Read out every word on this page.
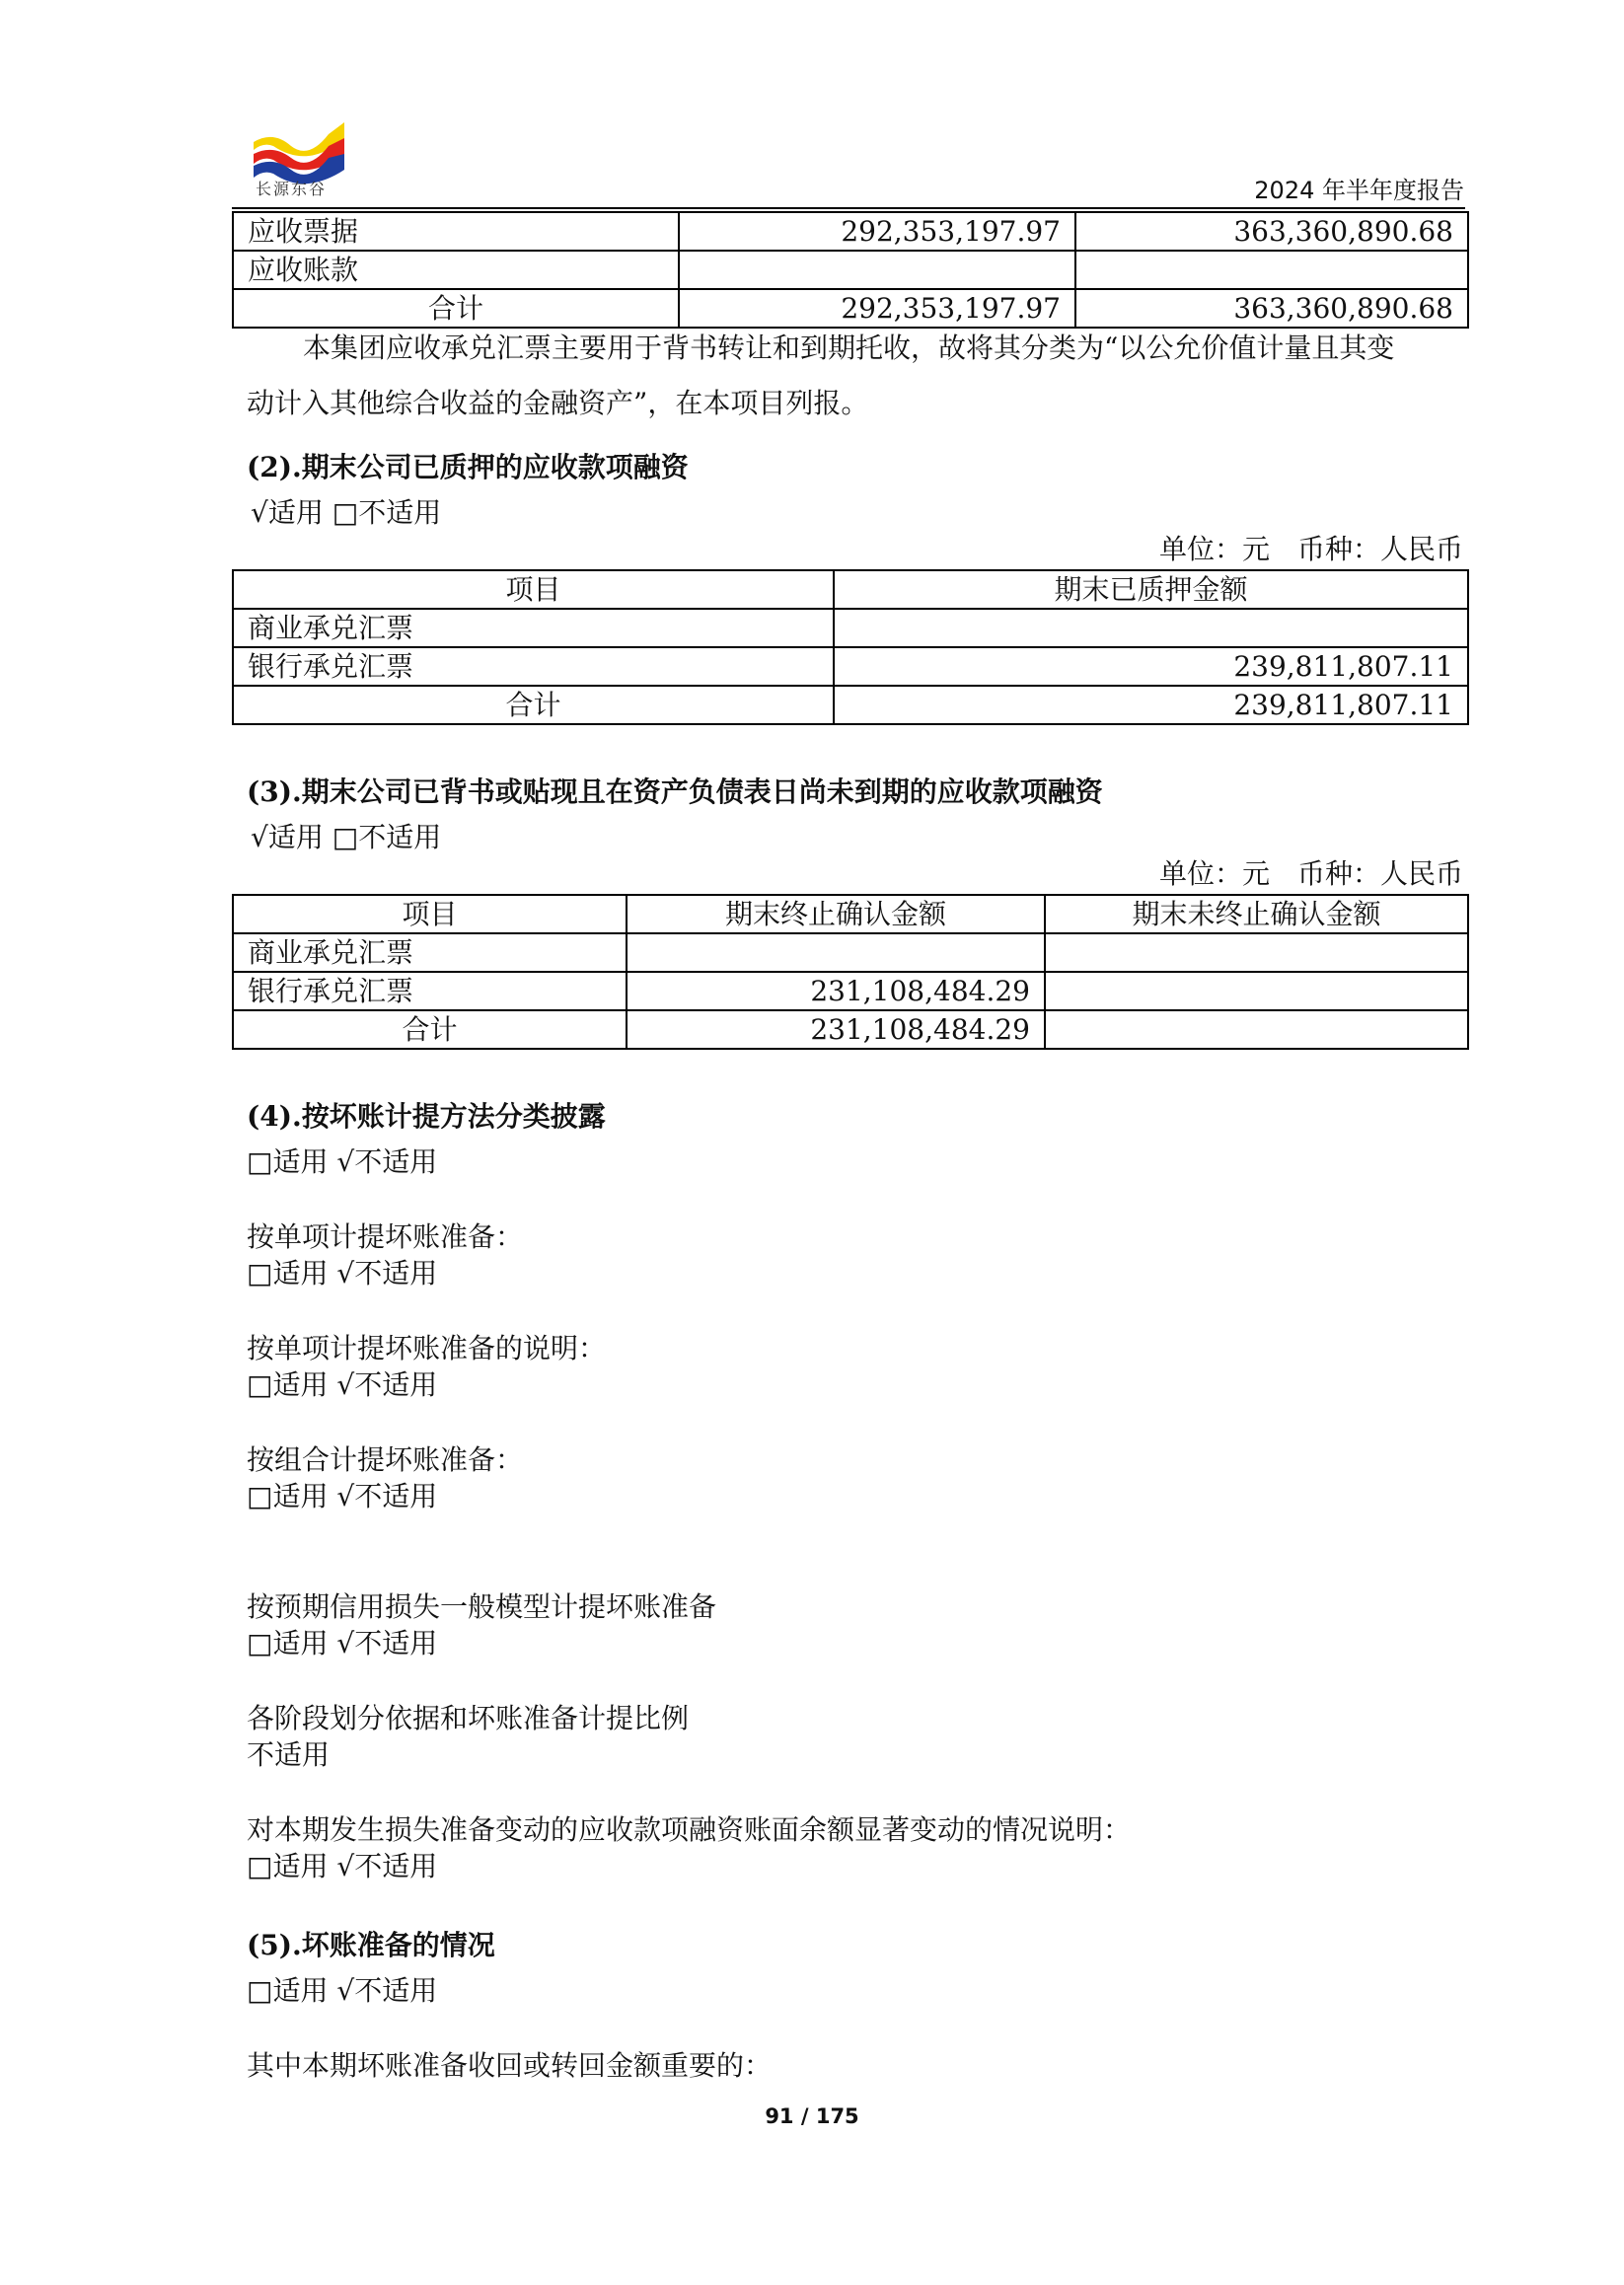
长源东谷	2024 年半年度报告
应收票据	292,353,197.97	363,360,890.68
应收账款		
合计	292,353,197.97	363,360,890.68
本集团应收承兑汇票主要用于背书转让和到期托收，故将其分类为“以公允价值计量且其变
动计入其他综合收益的金融资产”，在本项目列报。
(2).期末公司已质押的应收款项融资
√适用 □不适用
单位：元　币种：人民币
项目	期末已质押金额
商业承兑汇票	
银行承兑汇票	239,811,807.11
合计	239,811,807.11
(3).期末公司已背书或贴现且在资产负债表日尚未到期的应收款项融资
√适用 □不适用
单位：元　币种：人民币
项目	期末终止确认金额	期末未终止确认金额
商业承兑汇票		
银行承兑汇票	231,108,484.29	
合计	231,108,484.29	
(4).按坏账计提方法分类披露
□适用 √不适用
按单项计提坏账准备：
□适用 √不适用
按单项计提坏账准备的说明：
□适用 √不适用
按组合计提坏账准备：
□适用 √不适用
按预期信用损失一般模型计提坏账准备
□适用 √不适用
各阶段划分依据和坏账准备计提比例
不适用
对本期发生损失准备变动的应收款项融资账面余额显著变动的情况说明：
□适用 √不适用
(5).坏账准备的情况
□适用 √不适用
其中本期坏账准备收回或转回金额重要的：
91 / 175
